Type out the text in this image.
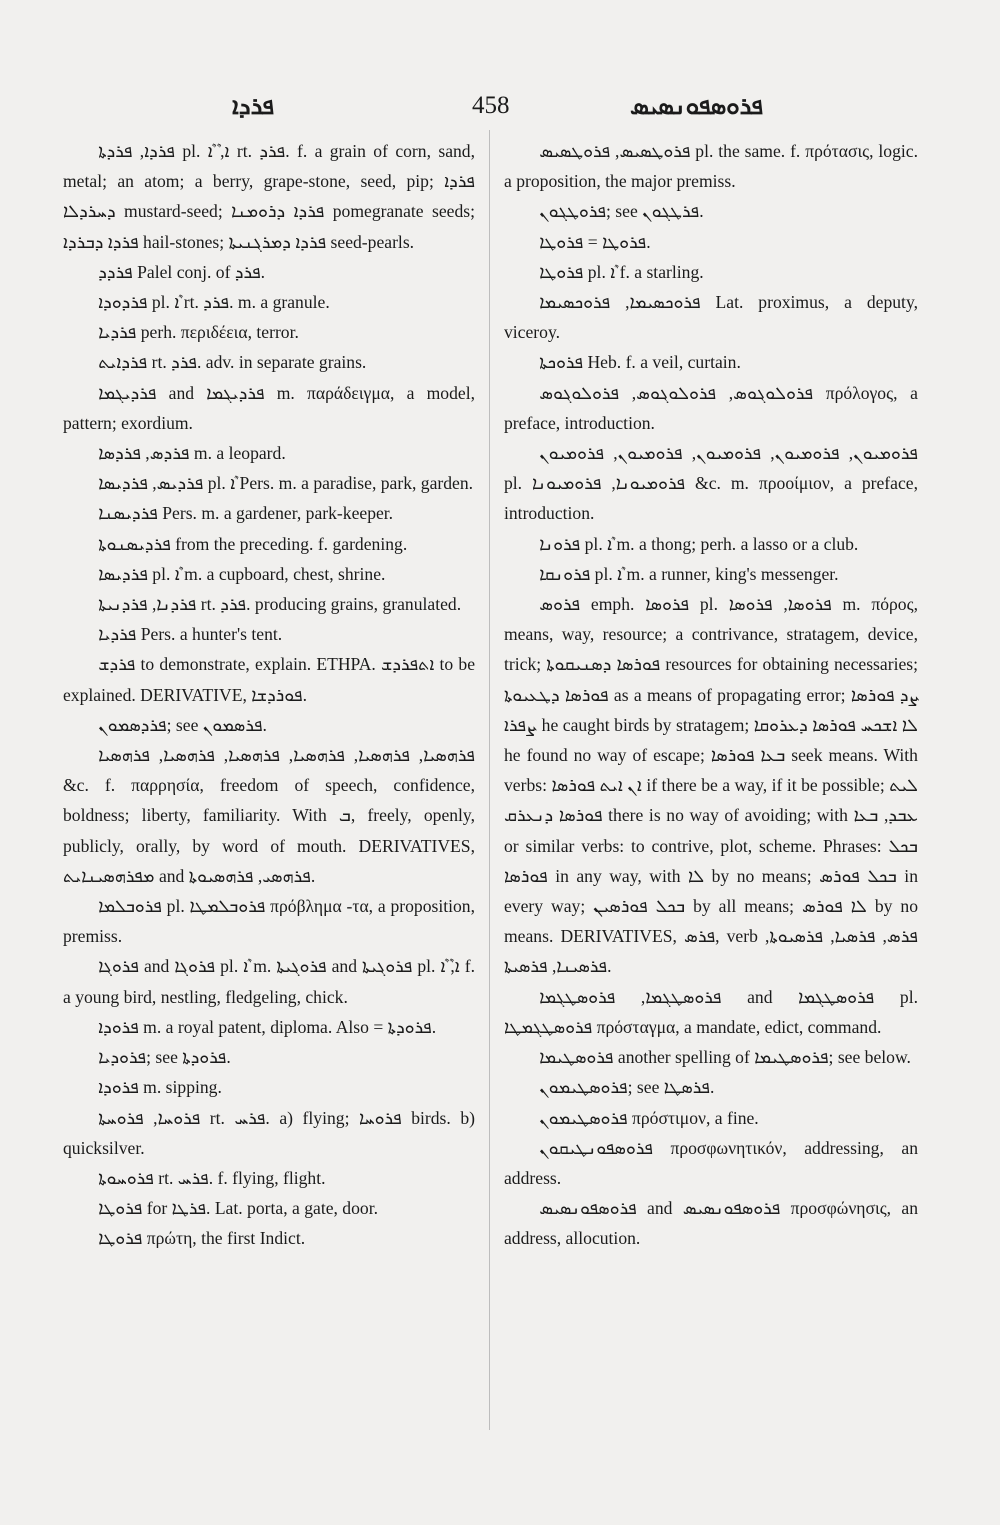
ܦܪܕܐ	458	ܦܪܘܣܦܘܢܣܝܣ

ܦܪܕܐ, ܦܪܕܬܐ pl. ܶܐ, ܶܐ rt. ܦܪܕ. f. a grain of corn, sand, metal; an atom; a berry, grape-stone, seed, pip; ܦܪܕܐ ܕܚܪܕܠܐ mustard-seed; ܦܪܕܐ ܕܪܘܡܢܐ pomegranate seeds; ܦܪܕܐ ܕܒܪܕܐ hail-stones; ܦܪܕܐ ܕܡܪܓܢܝܬܐ seed-pearls.

ܦܪܕܕ Palel conj. of ܦܪܕ.

ܦܪܕܘܕܐ pl. ܶܐ rt. ܦܪܕ. m. a granule.

ܦܪܕܝܐ perh. περιδέεια, terror.

ܦܪܕܐܝܬ rt. ܦܪܕ. adv. in separate grains.

ܦܪܕܝܓܡܐ and ܦܪܕܝܓܡܐ m. παράδειγμα, a model, pattern; exordium.

ܦܪܕܣ, ܦܪܕܣܐ m. a leopard.

ܦܪܕܝܣ, ܦܪܕܝܣܐ pl. ܶܐ Pers. m. a paradise, park, garden.

ܦܪܕܝܣܢܐ Pers. m. a gardener, park-keeper.

ܦܪܕܝܣܢܘܬܐ from the preceding. f. gardening.

ܦܪܕܝܣܐ pl. ܶܐ m. a cupboard, chest, shrine.

ܦܪܕܢܐ, ܦܪܕܢܝܬܐ rt. ܦܪܕ. producing grains, granulated.

ܦܪܕܝܐ Pers. a hunter's tent.

ܦܪܕܫ to demonstrate, explain. ETHPA. ܐܬܦܪܕܫ to be explained. DERIVATIVE, ܦܘܪܕܫܐ.

ܦܪܕܣܡܘܢ; see ܦܪܣܡܘܢ.

ܦܪܗܣܝܐ, ܦܪܗܣܝܐ, ܦܪܗܣܝܐ, ܦܪܗܣܝܐ, ܦܪܗܣܝܐ, ܦܪܗܣܝܐ &c. f. παρρησία, freedom of speech, confidence, boldness; liberty, familiarity. With ܒ, freely, openly, publicly, orally, by word of mouth. DERIVATIVES, ܡܦܪܗܣܝܢܐܝܬ and ܦܪܗܣܝ, ܦܪܗܣܝܘܬܐ.

ܦܪܘܒܠܡܐ pl. ܦܪܘܒܠܡܛܐ πρόβλημα -τα, a proposition, premiss.

ܦܪܘܓܐ and ܦܪܘܓܐ pl. ܶܐ m. ܦܪܘܓܝܬܐ and ܦܪܘܓܝܬܐ pl. ܶܐ, ܶܐ f. a young bird, nestling, fledgeling, chick.

ܦܪܘܕܐ m. a royal patent, diploma. Also = ܦܪܘܕܬܐ.

ܦܪܘܕܝܐ; see ܦܪܘܕܬܐ.

ܦܪܘܕܐ m. sipping.

ܦܪܘܚܐ, ܦܪܘܚܬܐ rt. ܦܪܚ. a) flying; ܦܪܘܚܐ birds. b) quicksilver.

ܦܪܘܚܘܬܐ rt. ܦܪܚ. f. flying, flight.

ܦܪܘܛܐ for ܦܪܛܐ. Lat. porta, a gate, door.

ܦܪܘܛܐ πρώτη, the first Indict.

ܦܪܘܛܣܝܣ, ܦܪܘܛܣܝܣ pl. the same. f. πρότασις, logic. a proposition, the major premiss.

ܦܪܘܛܓܘܢ; see ܦܪܛܓܘܢ.

ܦܪܘܛܐ = ܦܪܘܛܐ.

ܦܪܘܛܐ pl. ܶܐ f. a starling.

ܦܪܘܟܣܝܡܐ, ܦܪܘܟܣܝܡܐ Lat. proximus, a deputy, viceroy.

ܦܪܘܟܬܐ Heb. f. a veil, curtain.

ܦܪܘܠܘܓܘܣ, ܦܪܘܠܘܓܘܣ, ܦܪܘܠܘܓܘܣ πρόλογος, a preface, introduction.

ܦܪܘܡܝܘܢ, ܦܪܘܡܝܘܢ, ܦܪܘܡܝܘܢ, ܦܪܘܡܝܘܢ, ܦܪܘܡܝܘܢ pl. ܦܪܘܡܝܘܢܐ, ܦܪܘܡܝܘܢܐ &c. m. προοίμιον, a preface, introduction.

ܦܪܘܢܐ pl. ܶܐ m. a thong; perh. a lasso or a club.

ܦܪܘܢܩܐ pl. ܶܐ m. a runner, king's messenger.

ܦܪܘܣ emph. ܦܪܘܣܐ pl. ܦܪܘܣܐ, ܦܪܘܣܐ m. πόρος, means, way, resource; a contrivance, stratagem, device, trick; ܦܘܪܣܐ ܕܣܢܝܩܘܬܐ resources for obtaining necessaries; ܦܘܪܣܐ ܕܛܥܝܘܬܐ as a means of propagating error; ܨܕ ܦܘܪܣܐ ܨܦܪܐ he caught birds by stratagem; ܠܐ ܐܫܟܚ ܦܘܪܣܐ ܕܥܪܘܩܐ he found no way of escape; ܒܥܐ ܦܘܪܣܐ seek means. With verbs: ܐܢ ܐܝܬ ܦܘܪܣܐ if there be a way, if it be possible; ܠܝܬ ܦܘܪܣܐ ܕܢܥܪܩ there is no way of avoiding; with ܥܒܕ, ܒܥܐ or similar verbs: to contrive, plot, scheme. Phrases: ܒܟܠ ܦܘܪܣܐ in any way, with ܠܐ by no means; ܒܟܠ ܦܘܪܣ in every way; ܒܟܠ ܦܘܪܣܝܢ by all means; ܠܐ ܦܘܪܣ by no means. DERIVATIVES, ܦܪܣ, verb ܦܪܣ, ܦܪܣܝܐ, ܦܪܣܝܘܬܐ, ܦܪܣܝܢܐ, ܦܪܣܝܬܐ.

ܦܪܘܣܛܓܡܐ, ܦܪܘܣܛܓܡܐ and ܦܪܘܣܛܓܡܐ pl. ܦܪܘܣܛܓܡܛܐ πρόσταγμα, a mandate, edict, command.

ܦܪܘܣܛܝܡܐ another spelling of ܦܪܘܣܛܝܡܐ; see below.

ܦܪܘܣܛܝܡܘܢ; see ܦܪܣܛܐ.

ܦܪܘܣܛܝܡܘܢ πρόστιμον, a fine.

ܦܪܘܣܦܘܢܛܝܩܘܢ προσφωνητικόν, addressing, an address.

ܦܪܘܣܦܘܢܣܝܣ and ܦܪܘܣܦܘܢܣܝܣ προσφώνησις, an address, allocution.
